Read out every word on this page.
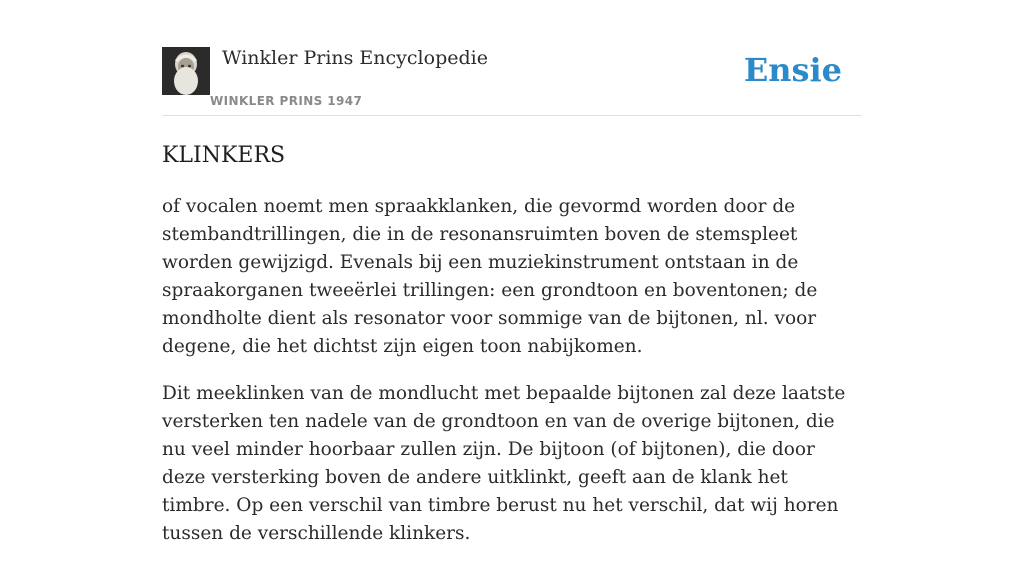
Winkler Prins Encyclopedie
WINKLER PRINS 1947
Ensie
KLINKERS

of vocalen noemt men spraakklanken, die gevormd worden door de stembandtrillingen, die in de resonansruimten boven de stemspleet worden gewijzigd. Evenals bij een muziekinstrument ontstaan in de spraakorganen tweeërlei trillingen: een grondtoon en boventonen; de mondholte dient als resonator voor sommige van de bijtonen, nl. voor degene, die het dichtst zijn eigen toon nabijkomen.

Dit meeklinken van de mondlucht met bepaalde bijtonen zal deze laatste versterken ten nadele van de grondtoon en van de overige bijtonen, die nu veel minder hoorbaar zullen zijn. De bijtoon (of bijtonen), die door deze versterking boven de andere uitklinkt, geeft aan de klank het timbre. Op een verschil van timbre berust nu het verschil, dat wij horen tussen de verschillende klinkers.
